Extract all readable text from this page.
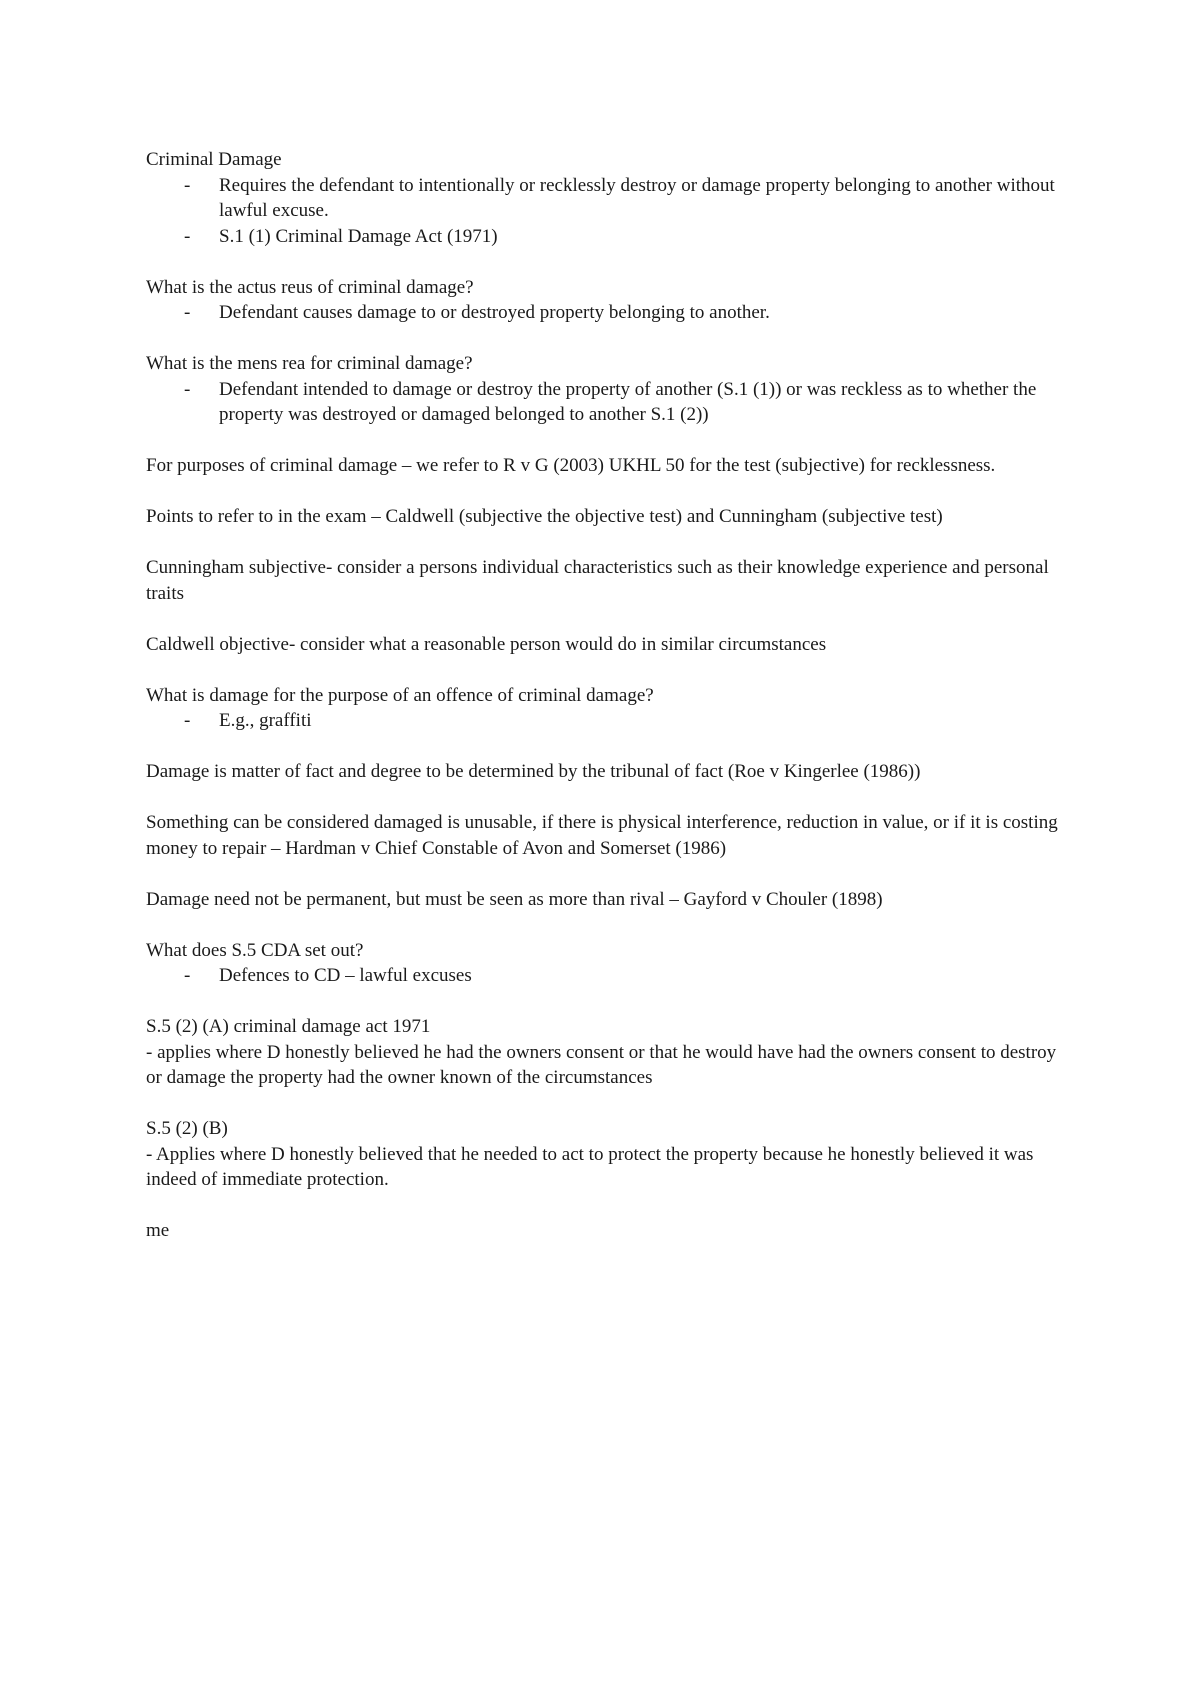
Criminal Damage

- Requires the defendant to intentionally or recklessly destroy or damage property belonging to another without lawful excuse.
- S.1 (1) Criminal Damage Act (1971)

What is the actus reus of criminal damage?

- Defendant causes damage to or destroyed property belonging to another.

What is the mens rea for criminal damage?

- Defendant intended to damage or destroy the property of another (S.1 (1)) or was reckless as to whether the property was destroyed or damaged belonged to another S.1 (2))

For purposes of criminal damage – we refer to R v G (2003) UKHL 50 for the test (subjective) for recklessness.

Points to refer to in the exam – Caldwell (subjective the objective test) and Cunningham (subjective test)

Cunningham subjective- consider a persons individual characteristics such as their knowledge experience and personal traits

Caldwell objective- consider what a reasonable person would do in similar circumstances

What is damage for the purpose of an offence of criminal damage?

- E.g., graffiti

Damage is matter of fact and degree to be determined by the tribunal of fact (Roe v Kingerlee (1986))

Something can be considered damaged is unusable, if there is physical interference, reduction in value, or if it is costing money to repair – Hardman v Chief Constable of Avon and Somerset (1986)

Damage need not be permanent, but must be seen as more than rival – Gayford v Chouler (1898)

What does S.5 CDA set out?

- Defences to CD – lawful excuses

S.5 (2) (A) criminal damage act 1971

- applies where D honestly believed he had the owners consent or that he would have had the owners consent to destroy or damage the property had the owner known of the circumstances

S.5 (2) (B)

- Applies where D honestly believed that he needed to act to protect the property because he honestly believed it was indeed of immediate protection.

me
